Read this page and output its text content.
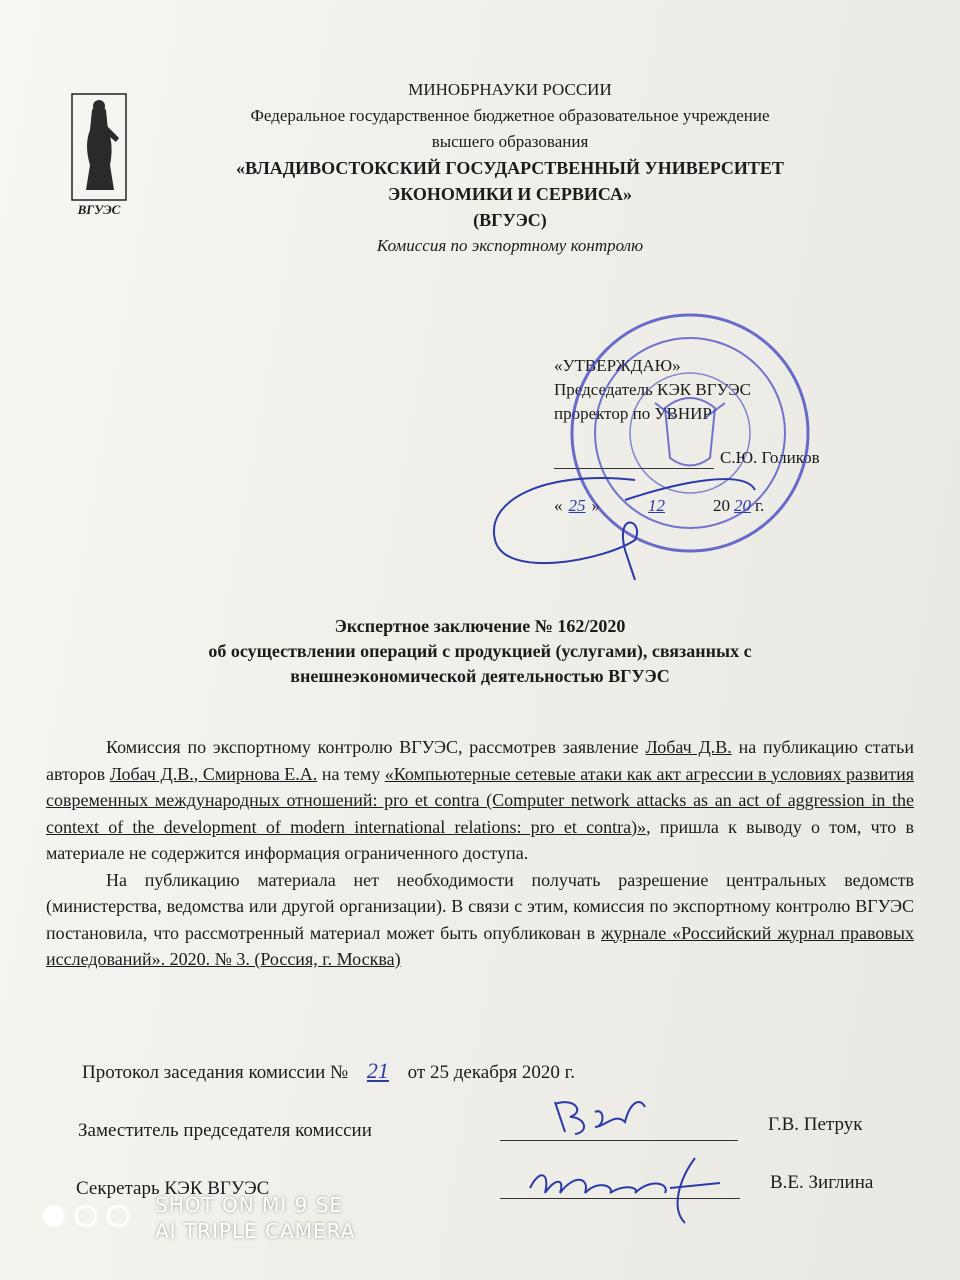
ВГУЭС
МИНОБРНАУКИ РОССИИ
Федеральное государственное бюджетное образовательное учреждение
высшего образования
«ВЛАДИВОСТОКСКИЙ ГОСУДАРСТВЕННЫЙ УНИВЕРСИТЕТ
ЭКОНОМИКИ И СЕРВИСА»
(ВГУЭС)
Комиссия по экспортному контролю
«УТВЕРЖДАЮ»
Председатель КЭК ВГУЭС
проректор по УВНИР
С.Ю. Голиков
« 25 »	12	20 20 г.
Экспертное заключение № 162/2020
об осуществлении операций с продукцией (услугами), связанных с
внешнеэкономической деятельностью ВГУЭС

Комиссия по экспортному контролю ВГУЭС, рассмотрев заявление Лобач Д.В. на публикацию статьи авторов Лобач Д.В., Смирнова Е.А. на тему «Компьютерные сетевые атаки как акт агрессии в условиях развития современных международных отношений: pro et contra (Computer network attacks as an act of aggression in the context of the development of modern international relations: pro et contra)», пришла к выводу о том, что в материале не содержится информация ограниченного доступа.

На публикацию материала нет необходимости получать разрешение центральных ведомств (министерства, ведомства или другой организации). В связи с этим, комиссия по экспортному контролю ВГУЭС постановила, что рассмотренный материал может быть опубликован в журнале «Российский журнал правовых исследований». 2020. № 3. (Россия, г. Москва)

Протокол заседания комиссии № 21 от 25 декабря 2020 г.
Заместитель председателя комиссии	Г.В. Петрук
Секретарь КЭК ВГУЭС	В.Е. Зиглина
SHOT ON MI 9 SE
AI TRIPLE CAMERA
